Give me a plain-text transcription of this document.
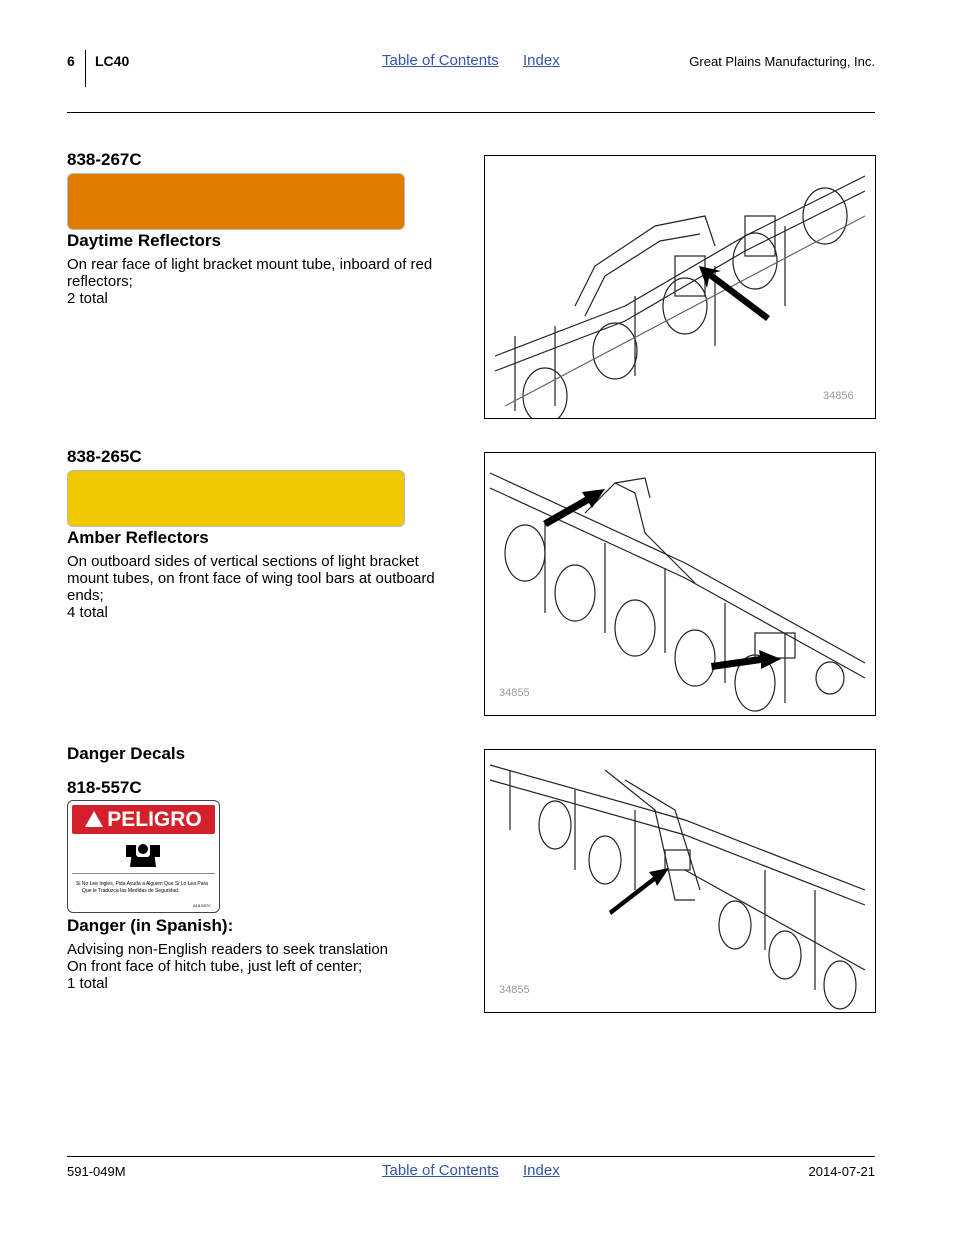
6 LC40	Table of Contents Index	Great Plains Manufacturing, Inc.
838-267C
Daytime Reflectors
On rear face of light bracket mount tube, inboard of red
reflectors;
2 total
34856
838-265C
Amber Reflectors
On outboard sides of vertical sections of light bracket
mount tubes, on front face of wing tool bars at outboard
ends;
4 total
34855
Danger Decals
818-557C
PELIGRO
Si No Lee Ingles, Pida Ayuda a Alguien Que Si Lo Lea Para
Que le Traduzca las Medidas de Seguridad.
818-557C
Danger (in Spanish):
Advising non-English readers to seek translation
On front face of hitch tube, just left of center;
1 total	34855
591-049M	Table of Contents Index	2014-07-21
